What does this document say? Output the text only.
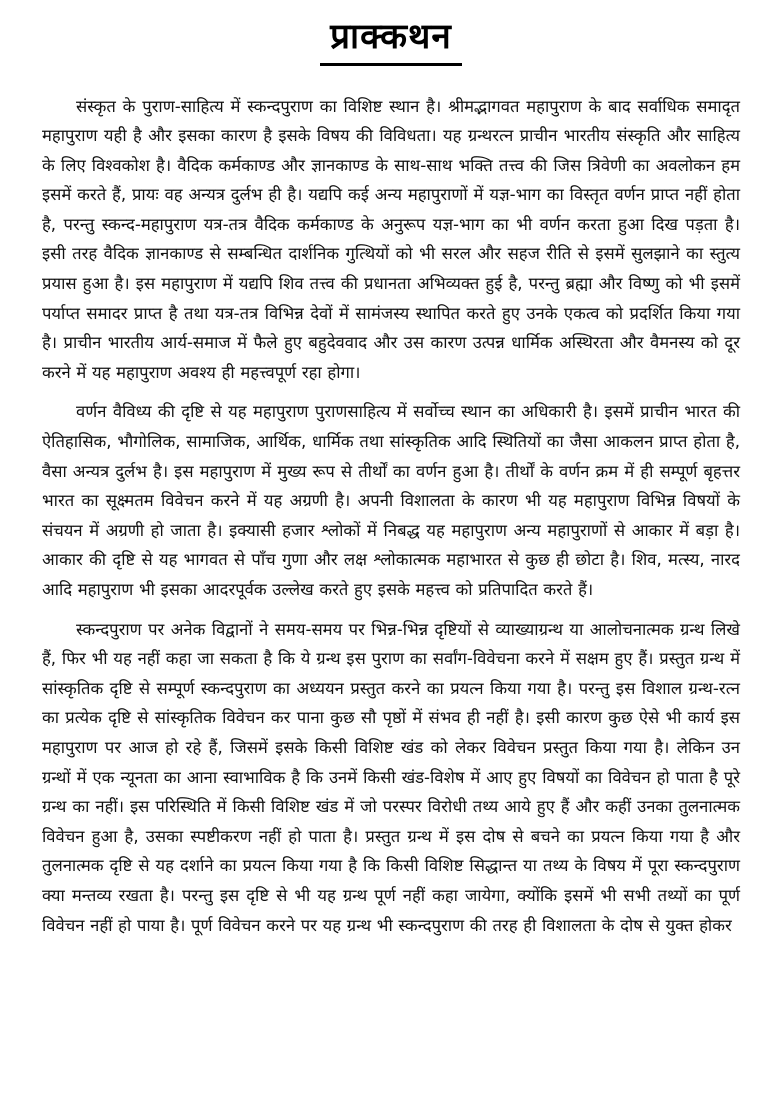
प्राक्कथन

संस्कृत के पुराण-साहित्य में स्कन्दपुराण का विशिष्ट स्थान है। श्रीमद्भागवत महापुराण के बाद सर्वाधिक समादृत महापुराण यही है और इसका कारण है इसके विषय की विविधता। यह ग्रन्थरत्न प्राचीन भारतीय संस्कृति और साहित्य के लिए विश्वकोश है। वैदिक कर्मकाण्ड और ज्ञानकाण्ड के साथ-साथ भक्ति तत्त्व की जिस त्रिवेणी का अवलोकन हम इसमें करते हैं, प्रायः वह अन्यत्र दुर्लभ ही है। यद्यपि कई अन्य महापुराणों में यज्ञ-भाग का विस्तृत वर्णन प्राप्त नहीं होता है, परन्तु स्कन्द-महापुराण यत्र-तत्र वैदिक कर्मकाण्ड के अनुरूप यज्ञ-भाग का भी वर्णन करता हुआ दिख पड़ता है। इसी तरह वैदिक ज्ञानकाण्ड से सम्बन्धित दार्शनिक गुत्थियों को भी सरल और सहज रीति से इसमें सुलझाने का स्तुत्य प्रयास हुआ है। इस महापुराण में यद्यपि शिव तत्त्व की प्रधानता अभिव्यक्त हुई है, परन्तु ब्रह्मा और विष्णु को भी इसमें पर्याप्त समादर प्राप्त है तथा यत्र-तत्र विभिन्न देवों में सामंजस्य स्थापित करते हुए उनके एकत्व को प्रदर्शित किया गया है। प्राचीन भारतीय आर्य-समाज में फैले हुए बहुदेववाद और उस कारण उत्पन्न धार्मिक अस्थिरता और वैमनस्य को दूर करने में यह महापुराण अवश्य ही महत्त्वपूर्ण रहा होगा।

वर्णन वैविध्य की दृष्टि से यह महापुराण पुराणसाहित्य में सर्वोच्च स्थान का अधिकारी है। इसमें प्राचीन भारत की ऐतिहासिक, भौगोलिक, सामाजिक, आर्थिक, धार्मिक तथा सांस्कृतिक आदि स्थितियों का जैसा आकलन प्राप्त होता है, वैसा अन्यत्र दुर्लभ है। इस महापुराण में मुख्य रूप से तीर्थों का वर्णन हुआ है। तीर्थों के वर्णन क्रम में ही सम्पूर्ण बृहत्तर भारत का सूक्ष्मतम विवेचन करने में यह अग्रणी है। अपनी विशालता के कारण भी यह महापुराण विभिन्न विषयों के संचयन में अग्रणी हो जाता है। इक्यासी हजार श्लोकों में निबद्ध यह महापुराण अन्य महापुराणों से आकार में बड़ा है। आकार की दृष्टि से यह भागवत से पाँच गुणा और लक्ष श्लोकात्मक महाभारत से कुछ ही छोटा है। शिव, मत्स्य, नारद आदि महापुराण भी इसका आदरपूर्वक उल्लेख करते हुए इसके महत्त्व को प्रतिपादित करते हैं।

स्कन्दपुराण पर अनेक विद्वानों ने समय-समय पर भिन्न-भिन्न दृष्टियों से व्याख्याग्रन्थ या आलोचनात्मक ग्रन्थ लिखे हैं, फिर भी यह नहीं कहा जा सकता है कि ये ग्रन्थ इस पुराण का सर्वांग-विवेचना करने में सक्षम हुए हैं। प्रस्तुत ग्रन्थ में सांस्कृतिक दृष्टि से सम्पूर्ण स्कन्दपुराण का अध्ययन प्रस्तुत करने का प्रयत्न किया गया है। परन्तु इस विशाल ग्रन्थ-रत्न का प्रत्येक दृष्टि से सांस्कृतिक विवेचन कर पाना कुछ सौ पृष्ठों में संभव ही नहीं है। इसी कारण कुछ ऐसे भी कार्य इस महापुराण पर आज हो रहे हैं, जिसमें इसके किसी विशिष्ट खंड को लेकर विवेचन प्रस्तुत किया गया है। लेकिन उन ग्रन्थों में एक न्यूनता का आना स्वाभाविक है कि उनमें किसी खंड-विशेष में आए हुए विषयों का विवेचन हो पाता है पूरे ग्रन्थ का नहीं। इस परिस्थिति में किसी विशिष्ट खंड में जो परस्पर विरोधी तथ्य आये हुए हैं और कहीं उनका तुलनात्मक विवेचन हुआ है, उसका स्पष्टीकरण नहीं हो पाता है। प्रस्तुत ग्रन्थ में इस दोष से बचने का प्रयत्न किया गया है और तुलनात्मक दृष्टि से यह दर्शाने का प्रयत्न किया गया है कि किसी विशिष्ट सिद्धान्त या तथ्य के विषय में पूरा स्कन्दपुराण क्या मन्तव्य रखता है। परन्तु इस दृष्टि से भी यह ग्रन्थ पूर्ण नहीं कहा जायेगा, क्योंकि इसमें भी सभी तथ्यों का पूर्ण विवेचन नहीं हो पाया है। पूर्ण विवेचन करने पर यह ग्रन्थ भी स्कन्दपुराण की तरह ही विशालता के दोष से युक्त होकर
